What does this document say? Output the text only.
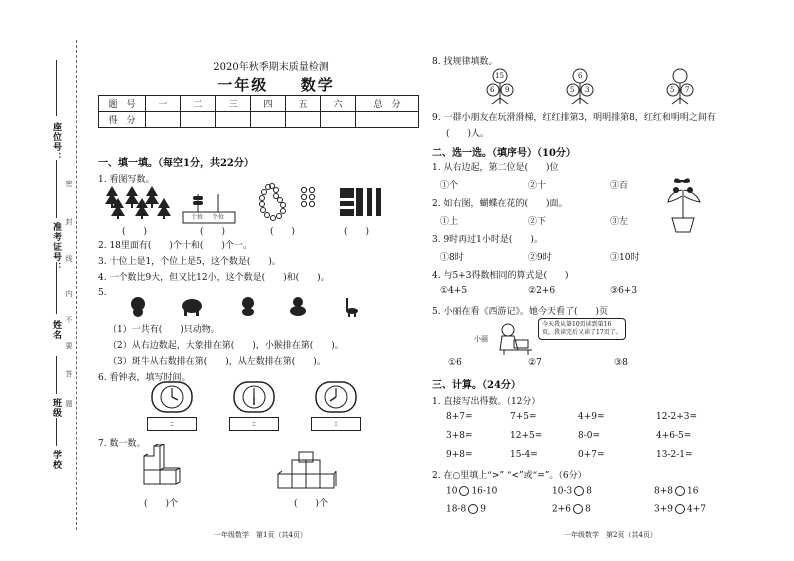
座位号：
准考证号：
姓名
班级
学校
密
封
线
内
不
要
答
题
2020年秋季期末质量检测
一年级 数学
题　号	一	二	三	四	五	六	总　分
得　分							
一、填一填。（每空1分，共22分）
1. 看图写数。
十位 个位
(　　)	(　　)	(　　)	(　　)
2. 18里面有(　　)个十和(　　)个一。
3. 十位上是1，个位上是5，这个数是(　　)。
4. 一个数比9大，但又比12小，这个数是(　　)和(　　)。
5.
（1）一共有(　　)只动物。
（2）从右边数起，大象排在第(　　)，小猴排在第(　　)。
（3）斑牛从右数排在第(　　)，从左数排在第(　　)。
6. 看钟表，填写时间。
:	:	:
7. 数一数。
(　　)个	(　　)个
一年级数学　第1页（共4页）
8. 找规律填数。
15
6 9
6
5 3	5 7
9. 一群小朋友在玩滑滑梯，红红排第3，明明排第8，红红和明明之间有
(　　)人。
二、选一选。（填序号）（10分）
1. 从右边起，第二位是(　　)位
①个	②十	③百
2. 如右图，蝴蝶在花的(　　)面。
①上	②下	③左
3. 9时再过1小时是(　　)。
①8时	②9时	③10时
4. 与5+3得数相同的算式是(　　)
①4+5	②2+6	③6+3
5. 小丽在看《西游记》。她今天看了(　　)页
今天我从第10页读到第16页，我读完后又读了17页了。
小丽
①6	②7	③8
三、计算。（24分）
1. 直接写出得数。（12分）
8+7=	7+5=	4+9=	12-2+3=
3+8=	12+5=	8-0=	4+6-5=
9+8=	15-4=	0+7=	13-2-1=
2. 在○里填上“>” “<”或“=”。（6分）
10 16-10	10-3 8	8+8 16
18-8 9	2+6 8	3+9 4+7
一年级数学　第2页（共4页）
